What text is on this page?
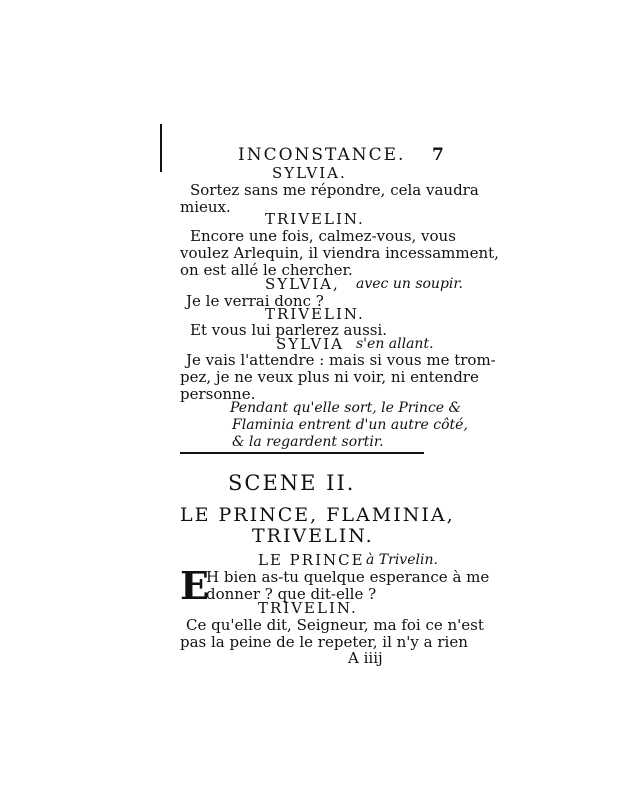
INCONSTANCE. 7
SYLVIA.
Sortez sans me répondre, cela vaudra
mieux.
TRIVELIN.
Encore une fois, calmez-vous, vous
voulez Arlequin, il viendra incessamment,
on est allé le chercher.
SYLVIA, avec un soupir.
Je le verrai donc ?
TRIVELIN.
Et vous lui parlerez aussi.
SYLVIA s'en allant.
Je vais l'attendre : mais si vous me trom-
pez, je ne veux plus ni voir, ni entendre
personne.
Pendant qu'elle sort, le Prince &
Flaminia entrent d'un autre côté,
& la regardent sortir.
SCENE II.
LE PRINCE, FLAMINIA,
TRIVELIN.
LE PRINCE à Trivelin.
E
H bien as-tu quelque esperance à me
donner ? que dit-elle ?
TRIVELIN.
Ce qu'elle dit, Seigneur, ma foi ce n'est
pas la peine de le repeter, il n'y a rien
A iiij
